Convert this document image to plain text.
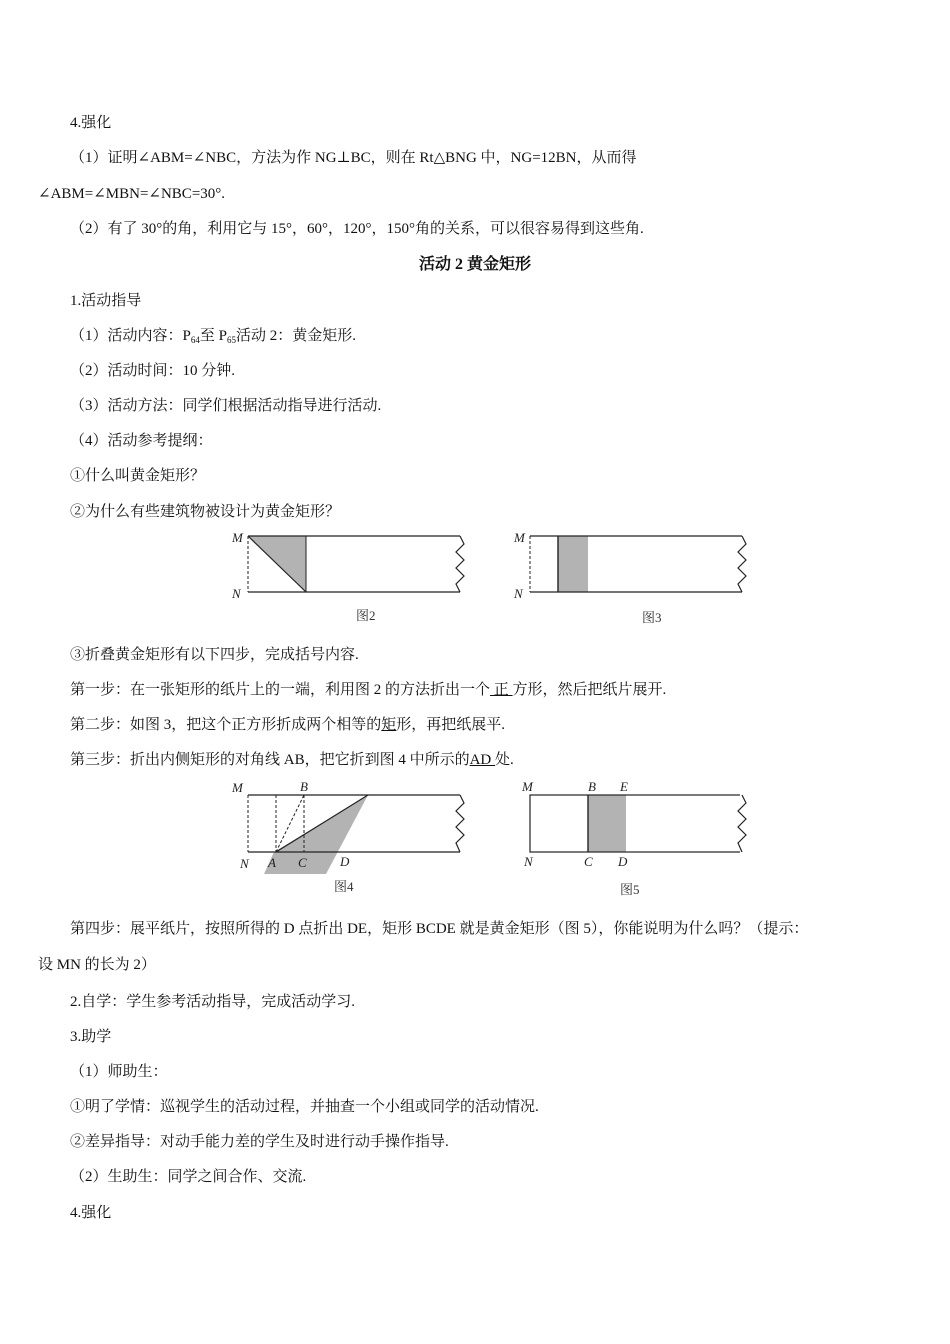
4.强化
（1）证明∠ABM=∠NBC，方法为作 NG⊥BC，则在 Rt△BNG 中，NG=12BN，从而得
∠ABM=∠MBN=∠NBC=30°.
（2）有了 30°的角，利用它与 15°，60°，120°，150°角的关系，可以很容易得到这些角.
活动 2 黄金矩形
1.活动指导
（1）活动内容：$P_{64}$至 $P_{65}$活动 2：黄金矩形.
（2）活动时间：10 分钟.
（3）活动方法：同学们根据活动指导进行活动.
（4）活动参考提纲：
①什么叫黄金矩形？
②为什么有些建筑物被设计为黄金矩形？
M
N
图2
M
N
图3
③折叠黄金矩形有以下四步，完成括号内容.
第一步：在一张矩形的纸片上的一端，利用图 2 的方法折出一个 正 方形，然后把纸片展开.
第二步：如图 3，把这个正方形折成两个相等的矩形，再把纸展平.
第三步：折出内侧矩形的对角线 AB，把它折到图 4 中所示的AD 处.
M	B
N A C	D
图4
M	B E
N	C D
图5
第四步：展平纸片，按照所得的 D 点折出 DE，矩形 BCDE 就是黄金矩形（图 5），你能说明为什么吗？（提示：
设 MN 的长为 2）
2.自学：学生参考活动指导，完成活动学习.
3.助学
（1）师助生：
①明了学情：巡视学生的活动过程，并抽查一个小组或同学的活动情况.
②差异指导：对动手能力差的学生及时进行动手操作指导.
（2）生助生：同学之间合作、交流.
4.强化
